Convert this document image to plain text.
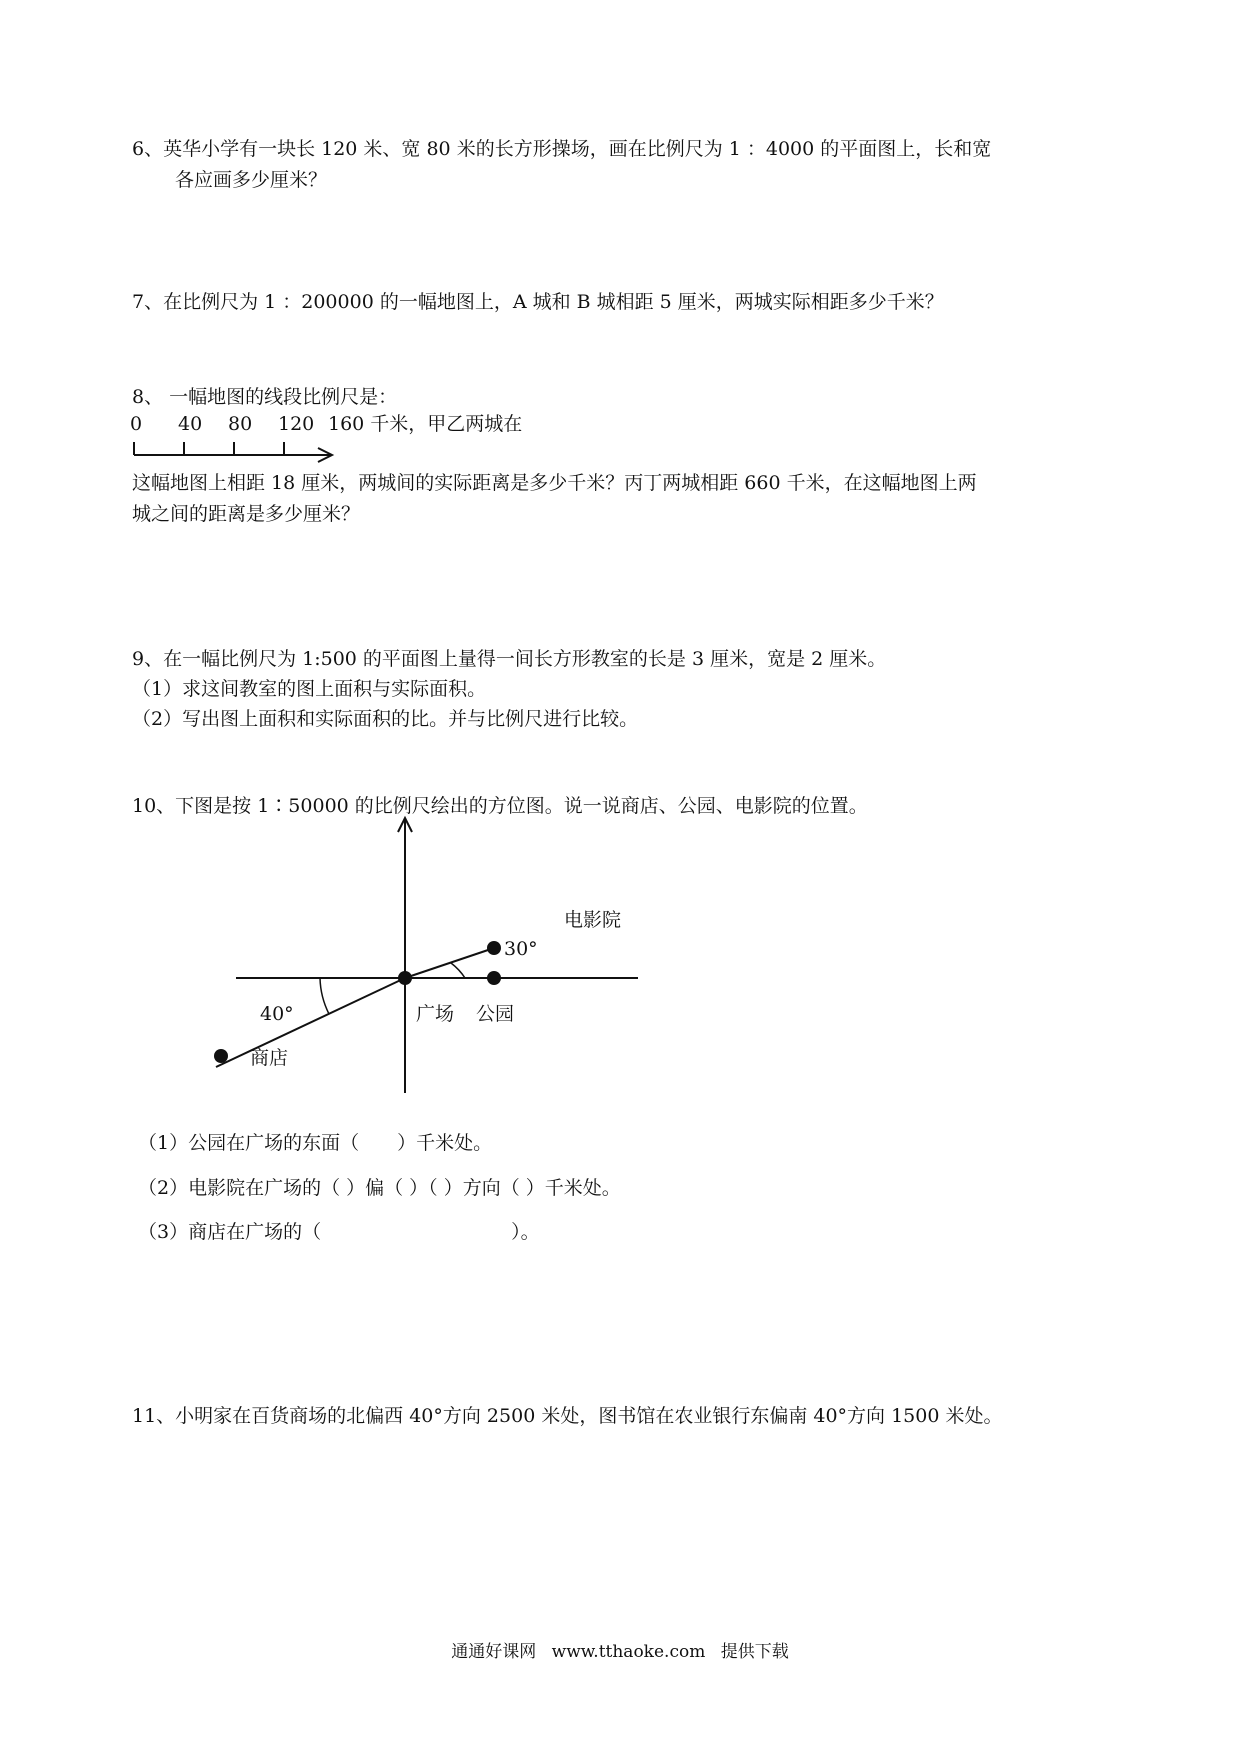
6、英华小学有一块长 120 米、宽 80 米的长方形操场，画在比例尺为 1 ：4000 的平面图上，长和宽
各应画多少厘米？
7、在比例尺为 1 ：200000 的一幅地图上，A 城和 B 城相距 5 厘米，两城实际相距多少千米？
8、 一幅地图的线段比例尺是：
0 40 80 120 160 千米，甲乙两城在
这幅地图上相距 18 厘米，两城间的实际距离是多少千米？丙丁两城相距 660 千米，在这幅地图上两
城之间的距离是多少厘米？
9、在一幅比例尺为 1:500 的平面图上量得一间长方形教室的长是 3 厘米，宽是 2 厘米。
（1）求这间教室的图上面积与实际面积。
（2）写出图上面积和实际面积的比。并与比例尺进行比较。
10、下图是按 1∶50000 的比例尺绘出的方位图。说一说商店、公园、电影院的位置。
电影院
30°
40°	广场 公园
商店
（1）公园在广场的东面（　　）千米处。
（2）电影院在广场的（ ）偏（ ）（ ）方向（ ）千米处。
（3）商店在广场的（　　　　　　　　　　）。
11、小明家在百货商场的北偏西 40°方向 2500 米处，图书馆在农业银行东偏南 40°方向 1500 米处。
通通好课网 www.tthaoke.com 提供下载
